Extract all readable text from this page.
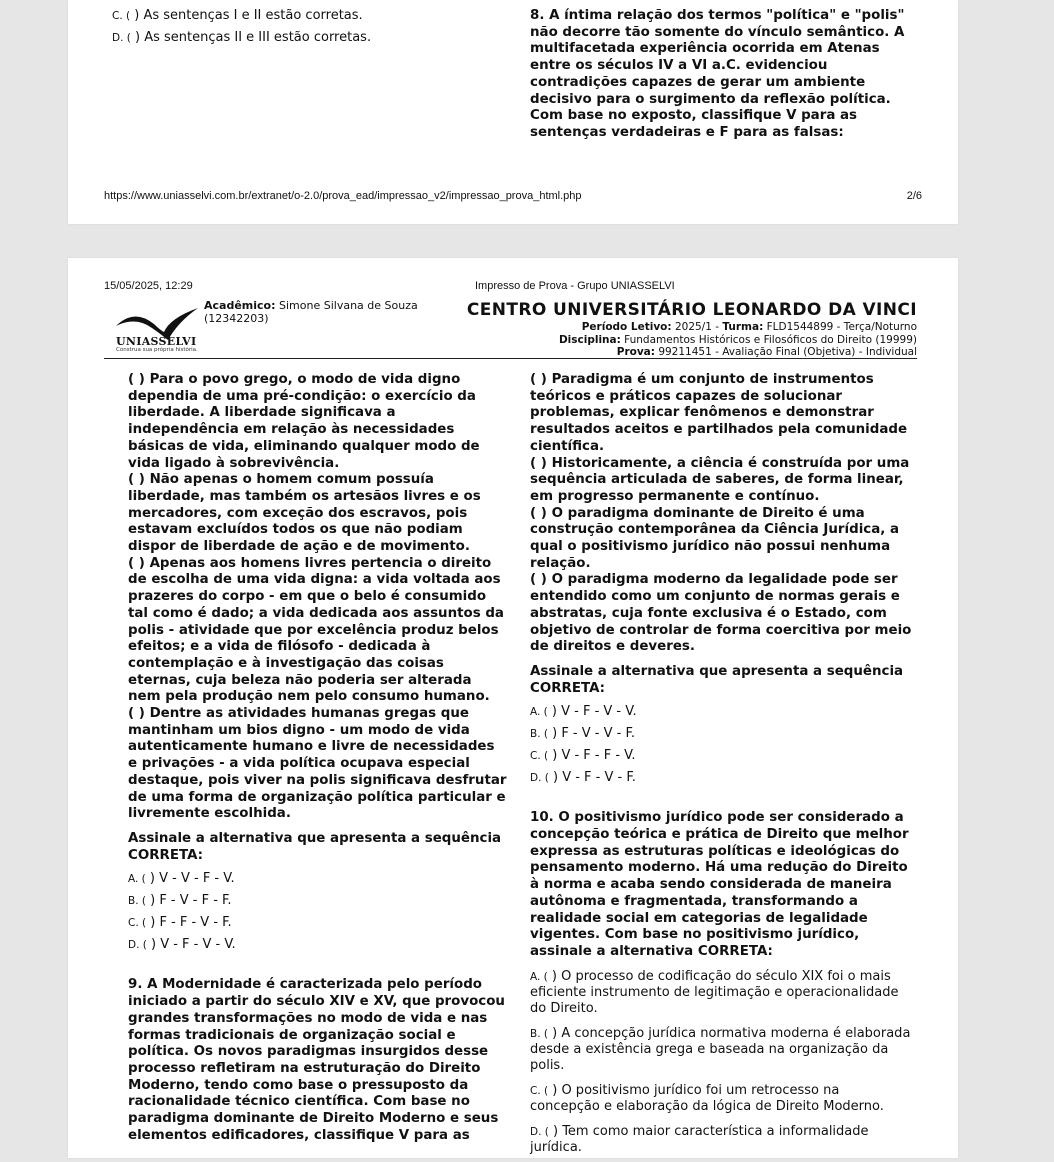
C. ( ) As sentenças I e II estão corretas.

D. ( ) As sentenças II e III estão corretas.

8. A íntima relação dos termos "política" e "polis" não decorre tão somente do vínculo semântico. A multifacetada experiência ocorrida em Atenas entre os séculos IV a VI a.C. evidenciou contradições capazes de gerar um ambiente decisivo para o surgimento da reflexão política. Com base no exposto, classifique V para as sentenças verdadeiras e F para as falsas:

https://www.uniasselvi.com.br/extranet/o-2.0/prova_ead/impressao_v2/impressao_prova_html.php	2/6
15/05/2025, 12:29	Impresso de Prova - Grupo UNIASSELVI
UNIASSELVI
Construa sua própria história.
Acadêmico: Simone Silvana de Souza
(12342203)	CENTRO UNIVERSITÁRIO LEONARDO DA VINCI
Período Letivo: 2025/1 - Turma: FLD1544899 - Terça/Noturno
Disciplina: Fundamentos Históricos e Filosóficos do Direito (19999)
Prova: 99211451 - Avaliação Final (Objetiva) - Individual

( ) Para o povo grego, o modo de vida digno dependia de uma pré-condição: o exercício da liberdade. A liberdade significava a independência em relação às necessidades básicas de vida, eliminando qualquer modo de vida ligado à sobrevivência.

( ) Não apenas o homem comum possuía liberdade, mas também os artesãos livres e os mercadores, com exceção dos escravos, pois estavam excluídos todos os que não podiam dispor de liberdade de ação e de movimento.

( ) Apenas aos homens livres pertencia o direito de escolha de uma vida digna: a vida voltada aos prazeres do corpo - em que o belo é consumido tal como é dado; a vida dedicada aos assuntos da polis - atividade que por excelência produz belos efeitos; e a vida de filósofo - dedicada à contemplação e à investigação das coisas eternas, cuja beleza não poderia ser alterada nem pela produção nem pelo consumo humano.

( ) Dentre as atividades humanas gregas que mantinham um bios digno - um modo de vida autenticamente humano e livre de necessidades e privações - a vida política ocupava especial destaque, pois viver na polis significava desfrutar de uma forma de organização política particular e livremente escolhida.

Assinale a alternativa que apresenta a sequência CORRETA:

A. ( ) V - V - F - V.

B. ( ) F - V - F - F.

C. ( ) F - F - V - F.

D. ( ) V - F - V - V.

9. A Modernidade é caracterizada pelo período iniciado a partir do século XIV e XV, que provocou grandes transformações no modo de vida e nas formas tradicionais de organização social e política. Os novos paradigmas insurgidos desse processo refletiram na estruturação do Direito Moderno, tendo como base o pressuposto da racionalidade técnico científica. Com base no paradigma dominante de Direito Moderno e seus elementos edificadores, classifique V para as

( ) Paradigma é um conjunto de instrumentos teóricos e práticos capazes de solucionar problemas, explicar fenômenos e demonstrar resultados aceitos e partilhados pela comunidade científica.

( ) Historicamente, a ciência é construída por uma sequência articulada de saberes, de forma linear, em progresso permanente e contínuo.

( ) O paradigma dominante de Direito é uma construção contemporânea da Ciência Jurídica, a qual o positivismo jurídico não possui nenhuma relação.

( ) O paradigma moderno da legalidade pode ser entendido como um conjunto de normas gerais e abstratas, cuja fonte exclusiva é o Estado, com objetivo de controlar de forma coercitiva por meio de direitos e deveres.

Assinale a alternativa que apresenta a sequência CORRETA:

A. ( ) V - F - V - V.

B. ( ) F - V - V - F.

C. ( ) V - F - F - V.

D. ( ) V - F - V - F.

10. O positivismo jurídico pode ser considerado a concepção teórica e prática de Direito que melhor expressa as estruturas políticas e ideológicas do pensamento moderno. Há uma redução do Direito à norma e acaba sendo considerada de maneira autônoma e fragmentada, transformando a realidade social em categorias de legalidade vigentes. Com base no positivismo jurídico, assinale a alternativa CORRETA:

A. ( ) O processo de codificação do século XIX foi o mais eficiente instrumento de legitimação e operacionalidade do Direito.

B. ( ) A concepção jurídica normativa moderna é elaborada desde a existência grega e baseada na organização da polis.

C. ( ) O positivismo jurídico foi um retrocesso na concepção e elaboração da lógica de Direito Moderno.

D. ( ) Tem como maior característica a informalidade jurídica.
